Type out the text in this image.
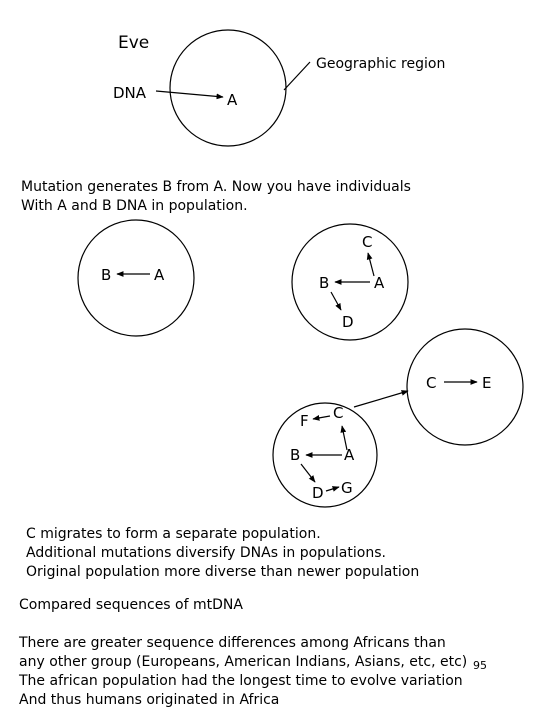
Eve
DNA	A
Geographic region
B	A
C
B	A
D
C	E
F C
B	A
D G
Mutation generates B from A. Now you have individuals
With A and B DNA in population.
C migrates to form a separate population.
Additional mutations diversify DNAs in populations.
Original population more diverse than newer population
Compared sequences of mtDNA
There are greater sequence differences among Africans than
any other group (Europeans, American Indians, Asians, etc, etc)
The african population had the longest time to evolve variation
And thus humans originated in Africa
95
